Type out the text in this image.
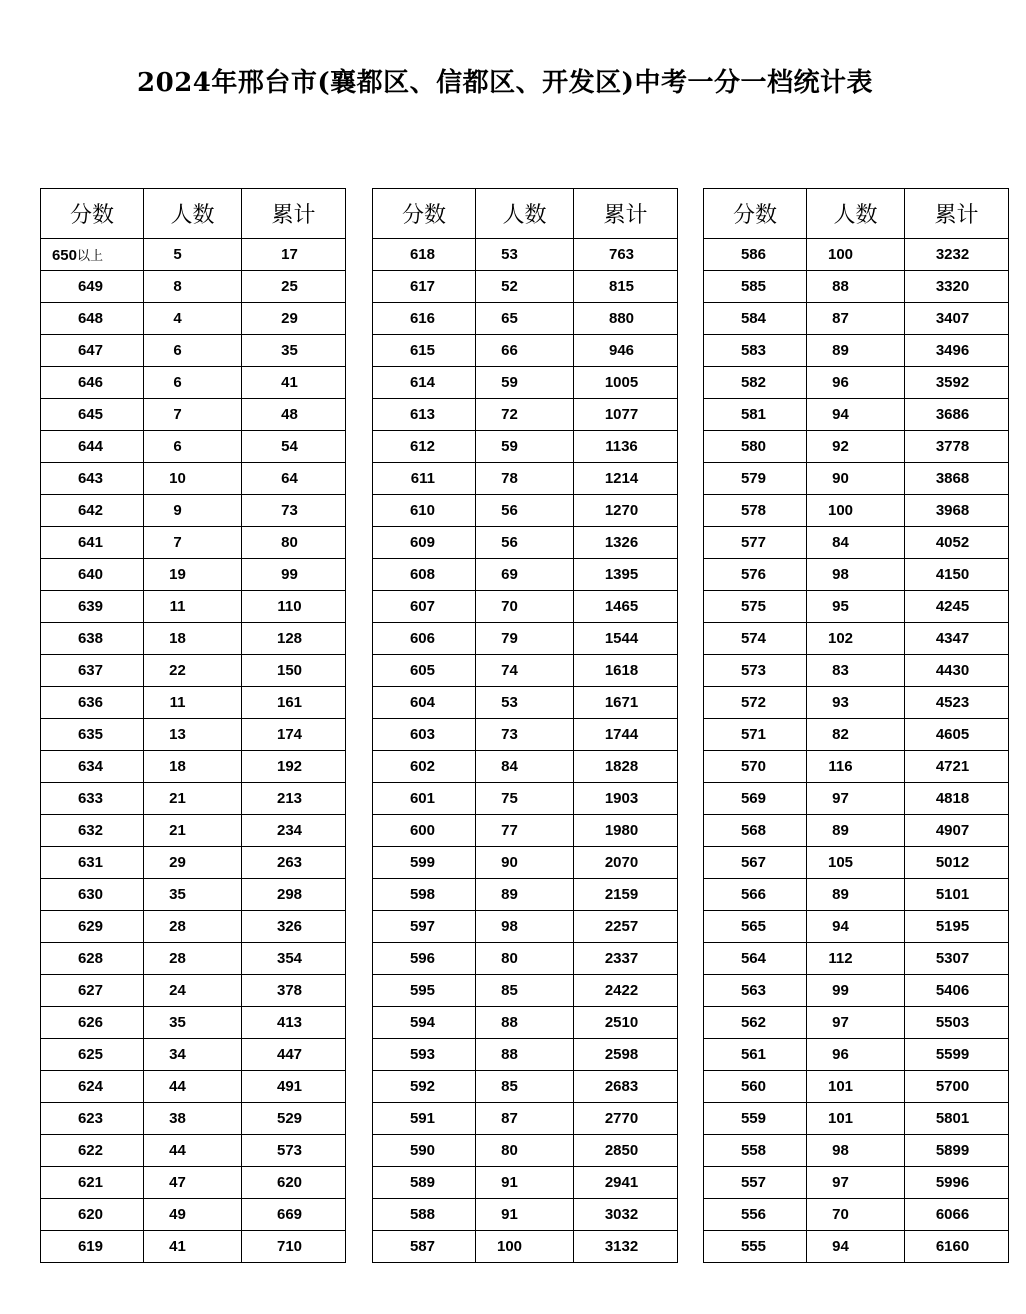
2024年邢台市(襄都区、信都区、开发区)中考一分一档统计表
分数	人数	累计
650以上	5	17
649	8	25
648	4	29
647	6	35
646	6	41
645	7	48
644	6	54
643	10	64
642	9	73
641	7	80
640	19	99
639	11	110
638	18	128
637	22	150
636	11	161
635	13	174
634	18	192
633	21	213
632	21	234
631	29	263
630	35	298
629	28	326
628	28	354
627	24	378
626	35	413
625	34	447
624	44	491
623	38	529
622	44	573
621	47	620
620	49	669
619	41	710
分数	人数	累计
618	53	763
617	52	815
616	65	880
615	66	946
614	59	1005
613	72	1077
612	59	1136
611	78	1214
610	56	1270
609	56	1326
608	69	1395
607	70	1465
606	79	1544
605	74	1618
604	53	1671
603	73	1744
602	84	1828
601	75	1903
600	77	1980
599	90	2070
598	89	2159
597	98	2257
596	80	2337
595	85	2422
594	88	2510
593	88	2598
592	85	2683
591	87	2770
590	80	2850
589	91	2941
588	91	3032
587	100	3132
分数	人数	累计
586	100	3232
585	88	3320
584	87	3407
583	89	3496
582	96	3592
581	94	3686
580	92	3778
579	90	3868
578	100	3968
577	84	4052
576	98	4150
575	95	4245
574	102	4347
573	83	4430
572	93	4523
571	82	4605
570	116	4721
569	97	4818
568	89	4907
567	105	5012
566	89	5101
565	94	5195
564	112	5307
563	99	5406
562	97	5503
561	96	5599
560	101	5700
559	101	5801
558	98	5899
557	97	5996
556	70	6066
555	94	6160
